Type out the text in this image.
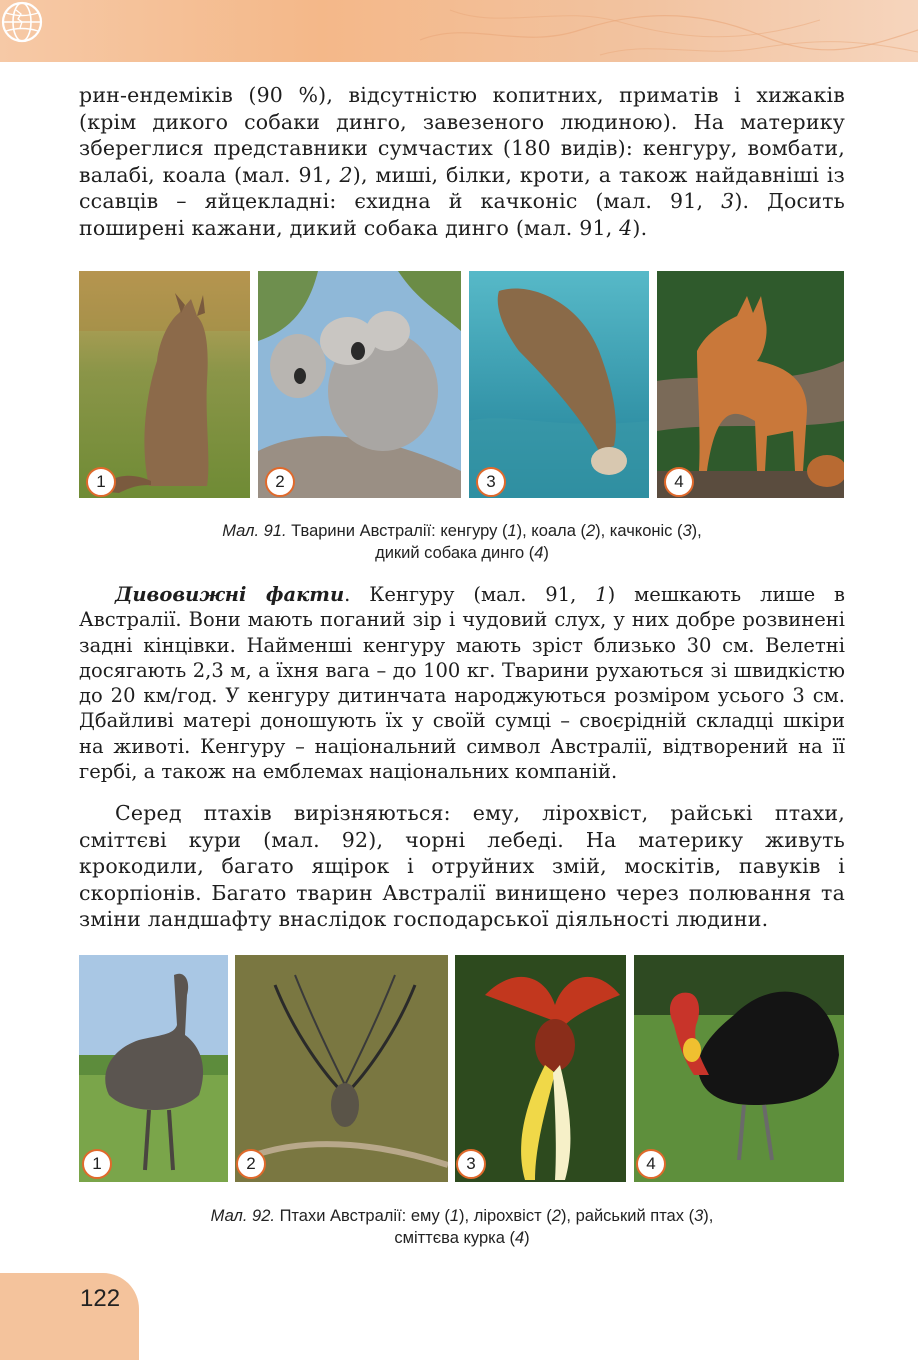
рин-ендеміків (90 %), відсутністю копитних, приматів і хижаків (крім дикого собаки динго, завезеного людиною). На материку збереглися представники сумчастих (180 видів): кенгуру, вомбати, валабі, коала (мал. 91, 2), миші, білки, кроти, а також найдавніші із ссавців – яйцекладні: єхидна й качконіс (мал. 91, 3). Досить поширені кажани, дикий собака динго (мал. 91, 4).

1	2	3	4
Мал. 91. Тварини Австралії: кенгуру (1), коала (2), качконіс (3),
дикий собака динго (4)

Дивовижні факти. Кенгуру (мал. 91, 1) мешкають лише в Австралії. Вони мають поганий зір і чудовий слух, у них добре розвинені задні кінцівки. Найменші кенгуру мають зріст близько 30 см. Велетні досягають 2,3 м, а їхня вага – до 100 кг. Тварини рухаються зі швидкістю до 20 км/год. У кенгуру дитинчата народжуються розміром усього 3 см. Дбайливі матері доношують їх у своїй сумці – своєрідній складці шкіри на животі. Кенгуру – національний символ Австралії, відтворений на її гербі, а також на емблемах національних компаній.

Серед птахів вирізняються: ему, лірохвіст, райські птахи, сміттєві кури (мал. 92), чорні лебеді. На материку живуть крокодили, багато ящірок і отруйних змій, москітів, павуків і скорпіонів. Багато тварин Австралії винищено через полювання та зміни ландшафту внаслідок господарської діяльності людини.

1	2	3	4
Мал. 92. Птахи Австралії: ему (1), лірохвіст (2), райський птах (3),
сміттєва курка (4)
122
